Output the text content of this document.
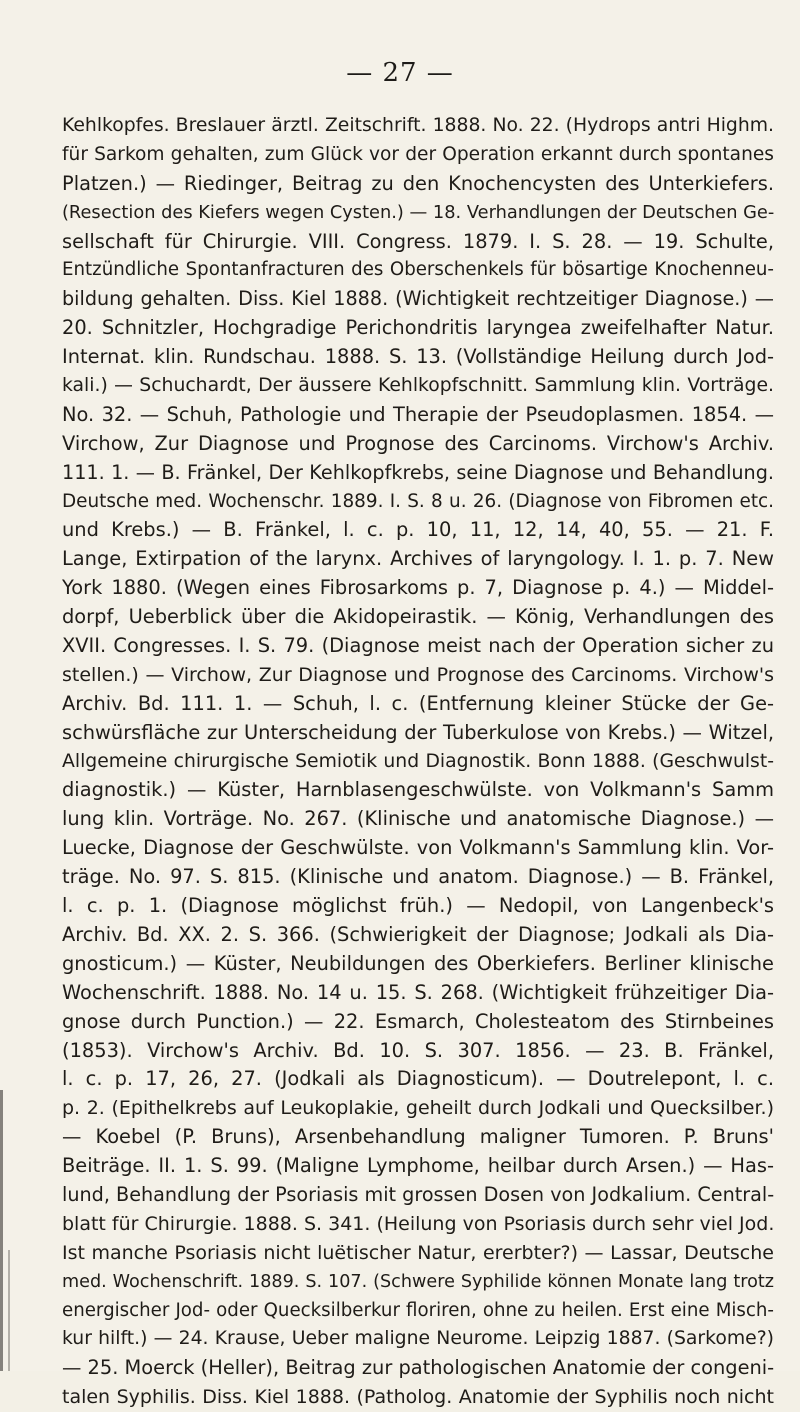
— 27 —
Kehlkopfes. Breslauer ärztl. Zeitschrift. 1888. No. 22. (Hydrops antri Highm.
für Sarkom gehalten, zum Glück vor der Operation erkannt durch spontanes
Platzen.) — Riedinger, Beitrag zu den Knochencysten des Unterkiefers.
(Resection des Kiefers wegen Cysten.) — 18. Verhandlungen der Deutschen Ge-
sellschaft für Chirurgie. VIII. Congress. 1879. I. S. 28. — 19. Schulte,
Entzündliche Spontanfracturen des Oberschenkels für bösartige Knochenneu-
bildung gehalten. Diss. Kiel 1888. (Wichtigkeit rechtzeitiger Diagnose.) —
20. Schnitzler, Hochgradige Perichondritis laryngea zweifelhafter Natur.
Internat. klin. Rundschau. 1888. S. 13. (Vollständige Heilung durch Jod-
kali.) — Schuchardt, Der äussere Kehlkopfschnitt. Sammlung klin. Vorträge.
No. 32. — Schuh, Pathologie und Therapie der Pseudoplasmen. 1854. —
Virchow, Zur Diagnose und Prognose des Carcinoms. Virchow's Archiv.
111. 1. — B. Fränkel, Der Kehlkopfkrebs, seine Diagnose und Behandlung.
Deutsche med. Wochenschr. 1889. I. S. 8 u. 26. (Diagnose von Fibromen etc.
und Krebs.) — B. Fränkel, l. c. p. 10, 11, 12, 14, 40, 55. — 21. F.
Lange, Extirpation of the larynx. Archives of laryngology. I. 1. p. 7. New
York 1880. (Wegen eines Fibrosarkoms p. 7, Diagnose p. 4.) — Middel-
dorpf, Ueberblick über die Akidopeirastik. — König, Verhandlungen des
XVII. Congresses. I. S. 79. (Diagnose meist nach der Operation sicher zu
stellen.) — Virchow, Zur Diagnose und Prognose des Carcinoms. Virchow's
Archiv. Bd. 111. 1. — Schuh, l. c. (Entfernung kleiner Stücke der Ge-
schwürsfläche zur Unterscheidung der Tuberkulose von Krebs.) — Witzel,
Allgemeine chirurgische Semiotik und Diagnostik. Bonn 1888. (Geschwulst-
diagnostik.) — Küster, Harnblasengeschwülste. von Volkmann's Samm
lung klin. Vorträge. No. 267. (Klinische und anatomische Diagnose.) —
Luecke, Diagnose der Geschwülste. von Volkmann's Sammlung klin. Vor-
träge. No. 97. S. 815. (Klinische und anatom. Diagnose.) — B. Fränkel,
l. c. p. 1. (Diagnose möglichst früh.) — Nedopil, von Langenbeck's
Archiv. Bd. XX. 2. S. 366. (Schwierigkeit der Diagnose; Jodkali als Dia-
gnosticum.) — Küster, Neubildungen des Oberkiefers. Berliner klinische
Wochenschrift. 1888. No. 14 u. 15. S. 268. (Wichtigkeit frühzeitiger Dia-
gnose durch Punction.) — 22. Esmarch, Cholesteatom des Stirnbeines
(1853). Virchow's Archiv. Bd. 10. S. 307. 1856. — 23. B. Fränkel,
l. c. p. 17, 26, 27. (Jodkali als Diagnosticum). — Doutrelepont, l. c.
p. 2. (Epithelkrebs auf Leukoplakie, geheilt durch Jodkali und Quecksilber.)
— Koebel (P. Bruns), Arsenbehandlung maligner Tumoren. P. Bruns'
Beiträge. II. 1. S. 99. (Maligne Lymphome, heilbar durch Arsen.) — Has-
lund, Behandlung der Psoriasis mit grossen Dosen von Jodkalium. Central-
blatt für Chirurgie. 1888. S. 341. (Heilung von Psoriasis durch sehr viel Jod.
Ist manche Psoriasis nicht luëtischer Natur, ererbter?) — Lassar, Deutsche
med. Wochenschrift. 1889. S. 107. (Schwere Syphilide können Monate lang trotz
energischer Jod- oder Quecksilberkur floriren, ohne zu heilen. Erst eine Misch-
kur hilft.) — 24. Krause, Ueber maligne Neurome. Leipzig 1887. (Sarkome?)
— 25. Moerck (Heller), Beitrag zur pathologischen Anatomie der congeni-
talen Syphilis. Diss. Kiel 1888. (Patholog. Anatomie der Syphilis noch nicht
